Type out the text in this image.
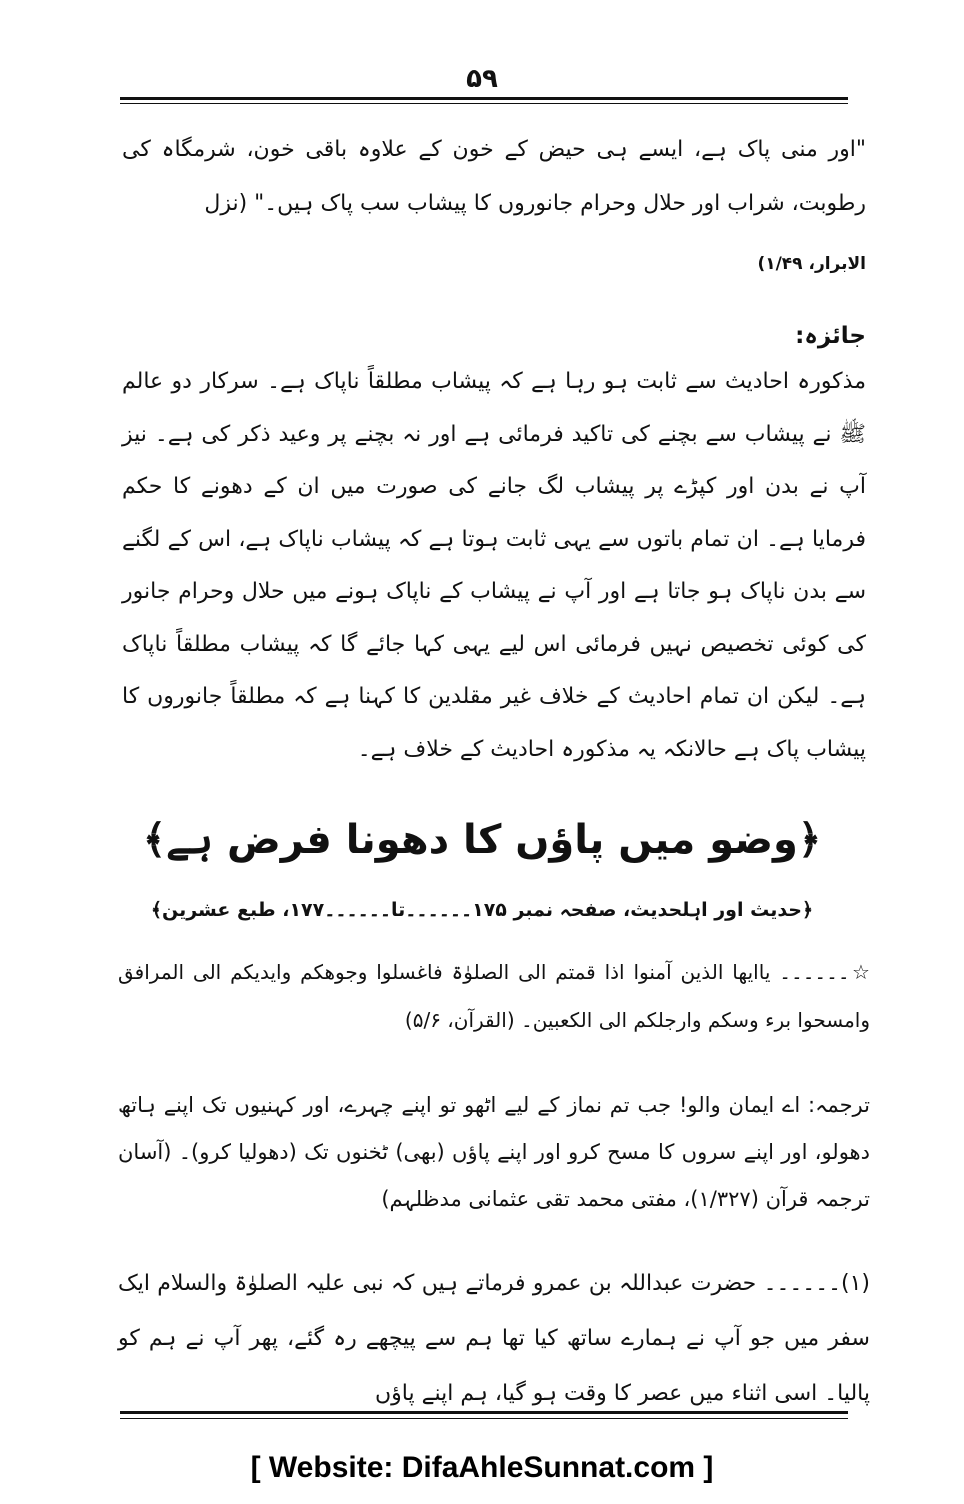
۵۹
"اور منی پاک ہے، ایسے ہی حیض کے خون کے علاوہ باقی خون، شرمگاہ کی رطوبت، شراب اور حلال وحرام جانوروں کا پیشاب سب پاک ہیں۔" (نزل
الابرار، ۱/۴۹)
جائزہ:
مذکورہ احادیث سے ثابت ہو رہا ہے کہ پیشاب مطلقاً ناپاک ہے۔ سرکار دو عالم ﷺ نے پیشاب سے بچنے کی تاکید فرمائی ہے اور نہ بچنے پر وعید ذکر کی ہے۔ نیز آپ نے بدن اور کپڑے پر پیشاب لگ جانے کی صورت میں ان کے دھونے کا حکم فرمایا ہے۔ ان تمام باتوں سے یہی ثابت ہوتا ہے کہ پیشاب ناپاک ہے، اس کے لگنے سے بدن ناپاک ہو جاتا ہے اور آپ نے پیشاب کے ناپاک ہونے میں حلال وحرام جانور کی کوئی تخصیص نہیں فرمائی اس لیے یہی کہا جائے گا کہ پیشاب مطلقاً ناپاک ہے۔ لیکن ان تمام احادیث کے خلاف غیر مقلدین کا کہنا ہے کہ مطلقاً جانوروں کا پیشاب پاک ہے حالانکہ یہ مذکورہ احادیث کے خلاف ہے۔
﴿وضو میں پاؤں کا دھونا فرض ہے﴾
﴿حدیث اور اہلحدیث، صفحہ نمبر ۱۷۵۔۔۔۔۔۔تا۔۔۔۔۔۔۱۷۷، طبع عشرین﴾
☆۔۔۔۔۔۔ یاایھا الذین آمنوا اذا قمتم الی الصلوٰۃ فاغسلوا وجوھکم وایدیکم الی المرافق وامسحوا برء وسکم وارجلکم الی الکعبین۔ (القرآن، ۵/۶)
ترجمہ: اے ایمان والو! جب تم نماز کے لیے اٹھو تو اپنے چہرے، اور کہنیوں تک اپنے ہاتھ دھولو، اور اپنے سروں کا مسح کرو اور اپنے پاؤں (بھی) ٹخنوں تک (دھولیا کرو)۔ (آسان ترجمہ قرآن (۱/۳۲۷)، مفتی محمد تقی عثمانی مدظلہم)
(۱)۔۔۔۔۔۔ حضرت عبداللہ بن عمرو فرماتے ہیں کہ نبی علیہ الصلوٰۃ والسلام ایک سفر میں جو آپ نے ہمارے ساتھ کیا تھا ہم سے پیچھے رہ گئے، پھر آپ نے ہم کو پالیا۔ اسی اثناء میں عصر کا وقت ہو گیا، ہم اپنے پاؤں
[ Website: DifaAhleSunnat.com ]
